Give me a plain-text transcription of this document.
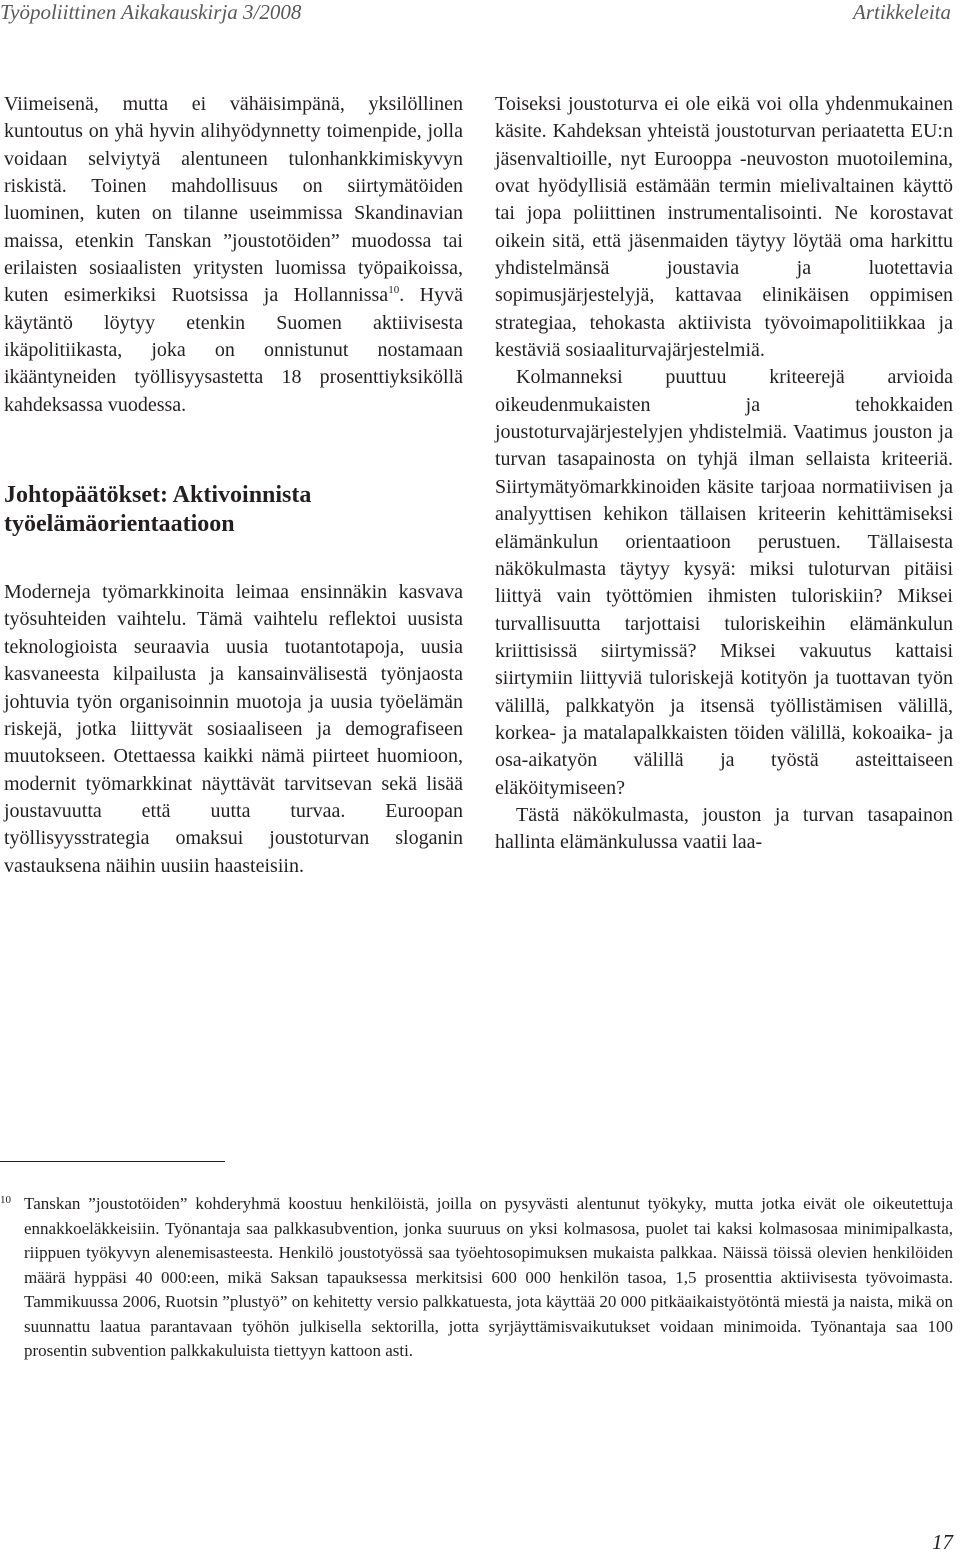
Työpoliittinen Aikakauskirja 3/2008	Artikkeleita

Viimeisenä, mutta ei vähäisimpänä, yksilöllinen kuntoutus on yhä hyvin alihyödynnetty toimenpide, jolla voidaan selviytyä alentuneen tulonhankkimiskyvyn riskistä. Toinen mahdollisuus on siirtymätöiden luominen, kuten on tilanne useimmissa Skandinavian maissa, etenkin Tanskan ”joustotöiden” muodossa tai erilaisten sosiaalisten yritysten luomissa työpaikoissa, kuten esimerkiksi Ruotsissa ja Hollannissa$^{10}$. Hyvä käytäntö löytyy etenkin Suomen aktiivisesta ikäpolitiikasta, joka on onnistunut nostamaan ikääntyneiden työllisyysastetta 18 prosenttiyksiköllä kahdeksassa vuodessa.

Johtopäätökset: Aktivoinnista työelämäorientaatioon

Moderneja työmarkkinoita leimaa ensinnäkin kasvava työsuhteiden vaihtelu. Tämä vaihtelu reflektoi uusista teknologioista seuraavia uusia tuotantotapoja, uusia kasvaneesta kilpailusta ja kansainvälisestä työnjaosta johtuvia työn organisoinnin muotoja ja uusia työelämän riskejä, jotka liittyvät sosiaaliseen ja demografiseen muutokseen. Otettaessa kaikki nämä piirteet huomioon, modernit työmarkkinat näyttävät tarvitsevan sekä lisää joustavuutta että uutta turvaa. Euroopan työllisyysstrategia omaksui joustoturvan sloganin vastauksena näihin uusiin haasteisiin.

Toiseksi joustoturva ei ole eikä voi olla yhdenmukainen käsite. Kahdeksan yhteistä joustoturvan periaatetta EU:n jäsenvaltioille, nyt Eurooppa -neuvoston muotoilemina, ovat hyödyllisiä estämään termin mielivaltainen käyttö tai jopa poliittinen instrumentalisointi. Ne korostavat oikein sitä, että jäsenmaiden täytyy löytää oma harkittu yhdistelmänsä joustavia ja luotettavia sopimusjärjestelyjä, kattavaa elinikäisen oppimisen strategiaa, tehokasta aktiivista työvoimapolitiikkaa ja kestäviä sosiaaliturvajärjestelmiä.

Kolmanneksi puuttuu kriteerejä arvioida oikeudenmukaisten ja tehokkaiden joustoturvajärjestelyjen yhdistelmiä. Vaatimus jouston ja turvan tasapainosta on tyhjä ilman sellaista kriteeriä. Siirtymätyömarkkinoiden käsite tarjoaa normatiivisen ja analyyttisen kehikon tällaisen kriteerin kehittämiseksi elämänkulun orientaatioon perustuen. Tällaisesta näkökulmasta täytyy kysyä: miksi tuloturvan pitäisi liittyä vain työttömien ihmisten tuloriskiin? Miksei turvallisuutta tarjottaisi tuloriskeihin elämänkulun kriittisissä siirtymissä? Miksei vakuutus kattaisi siirtymiin liittyviä tuloriskejä kotityön ja tuottavan työn välillä, palkkatyön ja itsensä työllistämisen välillä, korkea- ja matalapalkkaisten töiden välillä, kokoaika- ja osa-aikatyön välillä ja työstä asteittaiseen eläköitymiseen?

Tästä näkökulmasta, jouston ja turvan tasapainon hallinta elämänkulussa vaatii laa-

10 Tanskan ”joustotöiden” kohderyhmä koostuu henkilöistä, joilla on pysyvästi alentunut työkyky, mutta jotka eivät ole oikeutettuja ennakkoeläkkeisiin. Työnantaja saa palkkasubvention, jonka suuruus on yksi kolmasosa, puolet tai kaksi kolmasosaa minimipalkasta, riippuen työkyvyn alenemisasteesta. Henkilö joustotyössä saa työehtosopimuksen mukaista palkkaa. Näissä töissä olevien henkilöiden määrä hyppäsi 40 000:een, mikä Saksan tapauksessa merkitsisi 600 000 henkilön tasoa, 1,5 prosenttia aktiivisesta työvoimasta. Tammikuussa 2006, Ruotsin ”plustyö” on kehitetty versio palkkatuesta, jota käyttää 20 000 pitkäaikaistyötöntä miestä ja naista, mikä on suunnattu laatua parantavaan työhön julkisella sektorilla, jotta syrjäyttämisvaikutukset voidaan minimoida. Työnantaja saa 100 prosentin subvention palkkakuluista tiettyyn kattoon asti.
17
